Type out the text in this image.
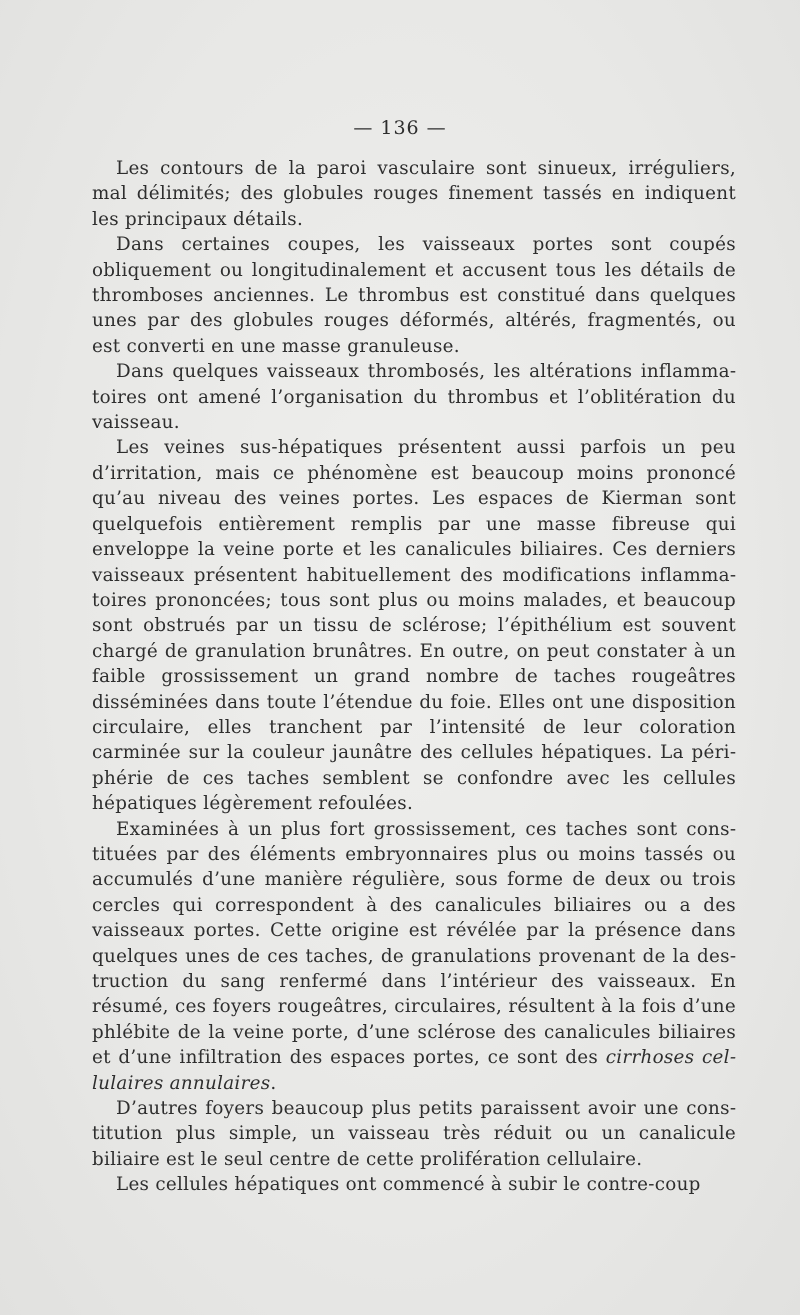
— 136 —

Les contours de la paroi vasculaire sont sinueux, irréguliers, mal délimités; des globules rouges finement tassés en indiquent les principaux détails.

Dans certaines coupes, les vaisseaux portes sont coupés obliquement ou longitudinalement et accusent tous les détails de thromboses anciennes. Le thrombus est constitué dans quelques unes par des globules rouges déformés, altérés, fragmentés, ou est converti en une masse granuleuse.

Dans quelques vaisseaux thrombosés, les altérations inflammatoires ont amené l’organisation du thrombus et l’oblitération du vaisseau.

Les veines sus-hépatiques présentent aussi parfois un peu d’irritation, mais ce phénomène est beaucoup moins prononcé qu’au niveau des veines portes. Les espaces de Kierman sont quelquefois entièrement remplis par une masse fibreuse qui enveloppe la veine porte et les canalicules biliaires. Ces derniers vaisseaux présentent habituellement des modifications inflammatoires prononcées; tous sont plus ou moins malades, et beaucoup sont obstrués par un tissu de sclérose; l’épithélium est souvent chargé de granulation brunâtres. En outre, on peut constater à un faible grossissement un grand nombre de taches rougeâtres disséminées dans toute l’étendue du foie. Elles ont une disposition circulaire, elles tranchent par l’intensité de leur coloration carminée sur la couleur jaunâtre des cellules hépatiques. La périphérie de ces taches semblent se confondre avec les cellules hépatiques légèrement refoulées.

Examinées à un plus fort grossissement, ces taches sont constituées par des éléments embryonnaires plus ou moins tassés ou accumulés d’une manière régulière, sous forme de deux ou trois cercles qui correspondent à des canalicules biliaires ou a des vaisseaux portes. Cette origine est révélée par la présence dans quelques unes de ces taches, de granulations provenant de la destruction du sang renfermé dans l’intérieur des vaisseaux. En résumé, ces foyers rougeâtres, circulaires, résultent à la fois d’une phlébite de la veine porte, d’une sclérose des canalicules biliaires et d’une infiltration des espaces portes, ce sont des cirrhoses cellulaires annulaires.

D’autres foyers beaucoup plus petits paraissent avoir une constitution plus simple, un vaisseau très réduit ou un canalicule biliaire est le seul centre de cette prolifération cellulaire.

Les cellules hépatiques ont commencé à subir le contre-coup
